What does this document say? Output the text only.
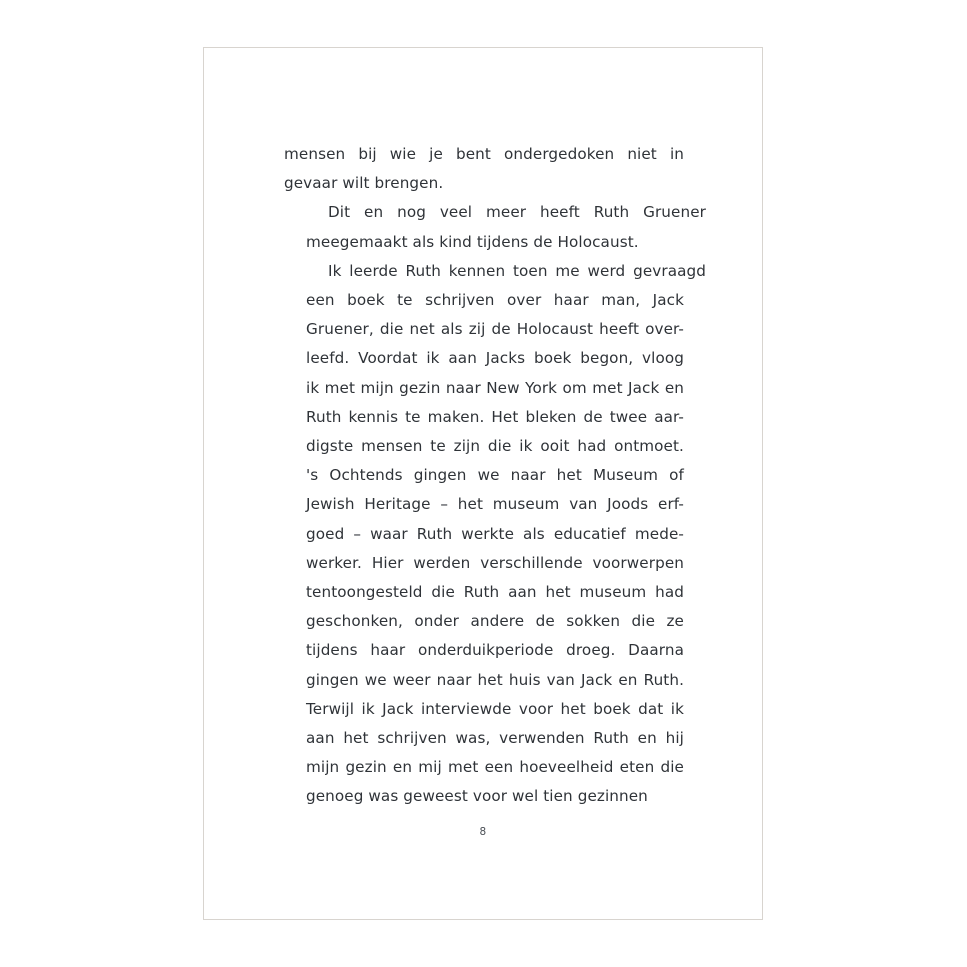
mensen bij wie je bent ondergedoken niet in
gevaar wilt brengen.

Dit en nog veel meer heeft Ruth Gruener
meegemaakt als kind tijdens de Holocaust.

Ik leerde Ruth kennen toen me werd gevraagd
een boek te schrijven over haar man, Jack
Gruener, die net als zij de Holocaust heeft over-
leefd. Voordat ik aan Jacks boek begon, vloog
ik met mijn gezin naar New York om met Jack en
Ruth kennis te maken. Het bleken de twee aar-
digste mensen te zijn die ik ooit had ontmoet.
's Ochtends gingen we naar het Museum of
Jewish Heritage – het museum van Joods erf-
goed – waar Ruth werkte als educatief mede-
werker. Hier werden verschillende voorwerpen
tentoongesteld die Ruth aan het museum had
geschonken, onder andere de sokken die ze
tijdens haar onderduikperiode droeg. Daarna
gingen we weer naar het huis van Jack en Ruth.
Terwijl ik Jack interviewde voor het boek dat ik
aan het schrijven was, verwenden Ruth en hij
mijn gezin en mij met een hoeveelheid eten die
genoeg was geweest voor wel tien gezinnen

8
